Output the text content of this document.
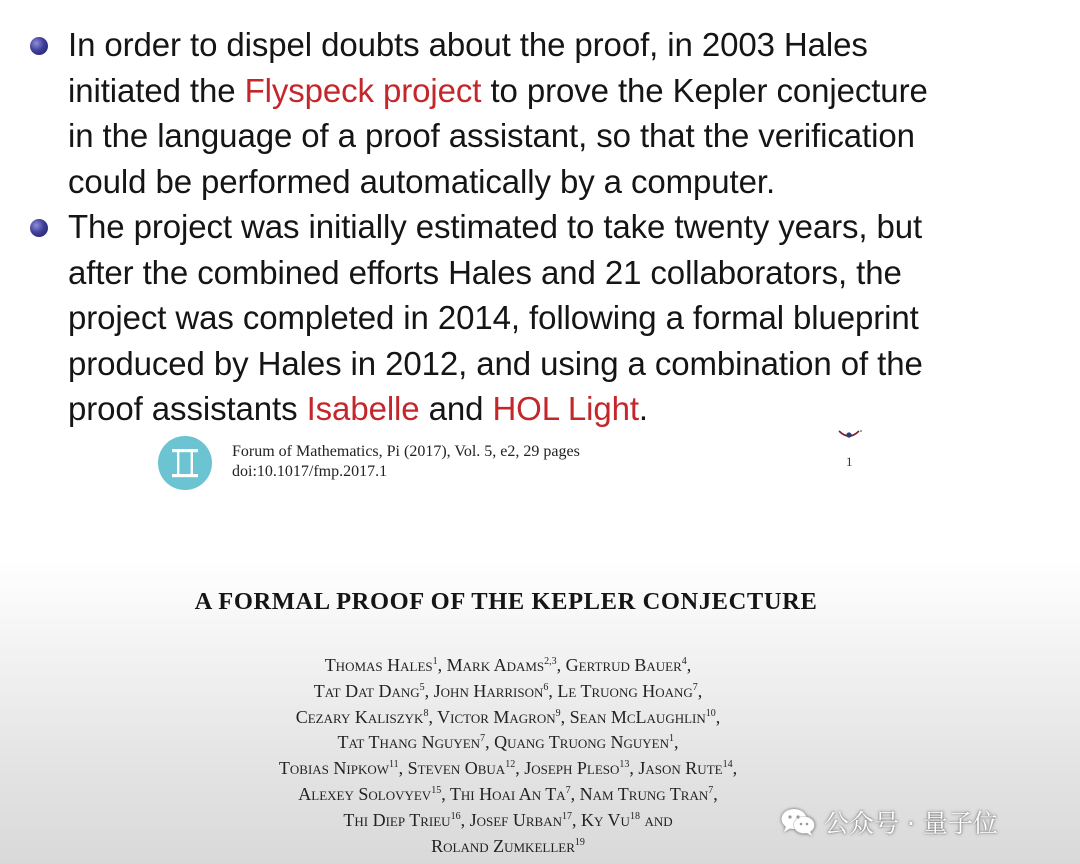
In order to dispel doubts about the proof, in 2003 Hales
initiated the Flyspeck project to prove the Kepler conjecture
in the language of a proof assistant, so that the verification
could be performed automatically by a computer.
The project was initially estimated to take twenty years, but
after the combined efforts Hales and 21 collaborators, the
project was completed in 2014, following a formal blueprint
produced by Hales in 2012, and using a combination of the
proof assistants Isabelle and HOL Light.
Forum of Mathematics, Pi (2017), Vol. 5, e2, 29 pages
doi:10.1017/fmp.2017.1
1
A FORMAL PROOF OF THE KEPLER CONJECTURE
Thomas Hales$^1$, Mark Adams$^{2,3}$, Gertrud Bauer$^4$,
Tat Dat Dang$^5$, John Harrison$^6$, Le Truong Hoang$^7$,
Cezary Kaliszyk$^8$, Victor Magron$^9$, Sean McLaughlin$^{10}$,
Tat Thang Nguyen$^7$, Quang Truong Nguyen$^1$,
Tobias Nipkow$^{11}$, Steven Obua$^{12}$, Joseph Pleso$^{13}$, Jason Rute$^{14}$,
Alexey Solovyev$^{15}$, Thi Hoai An Ta$^7$, Nam Trung Tran$^7$,
Thi Diep Trieu$^{16}$, Josef Urban$^{17}$, Ky Vu$^{18}$ and
Roland Zumkeller$^{19}$
公众号 · 量子位
